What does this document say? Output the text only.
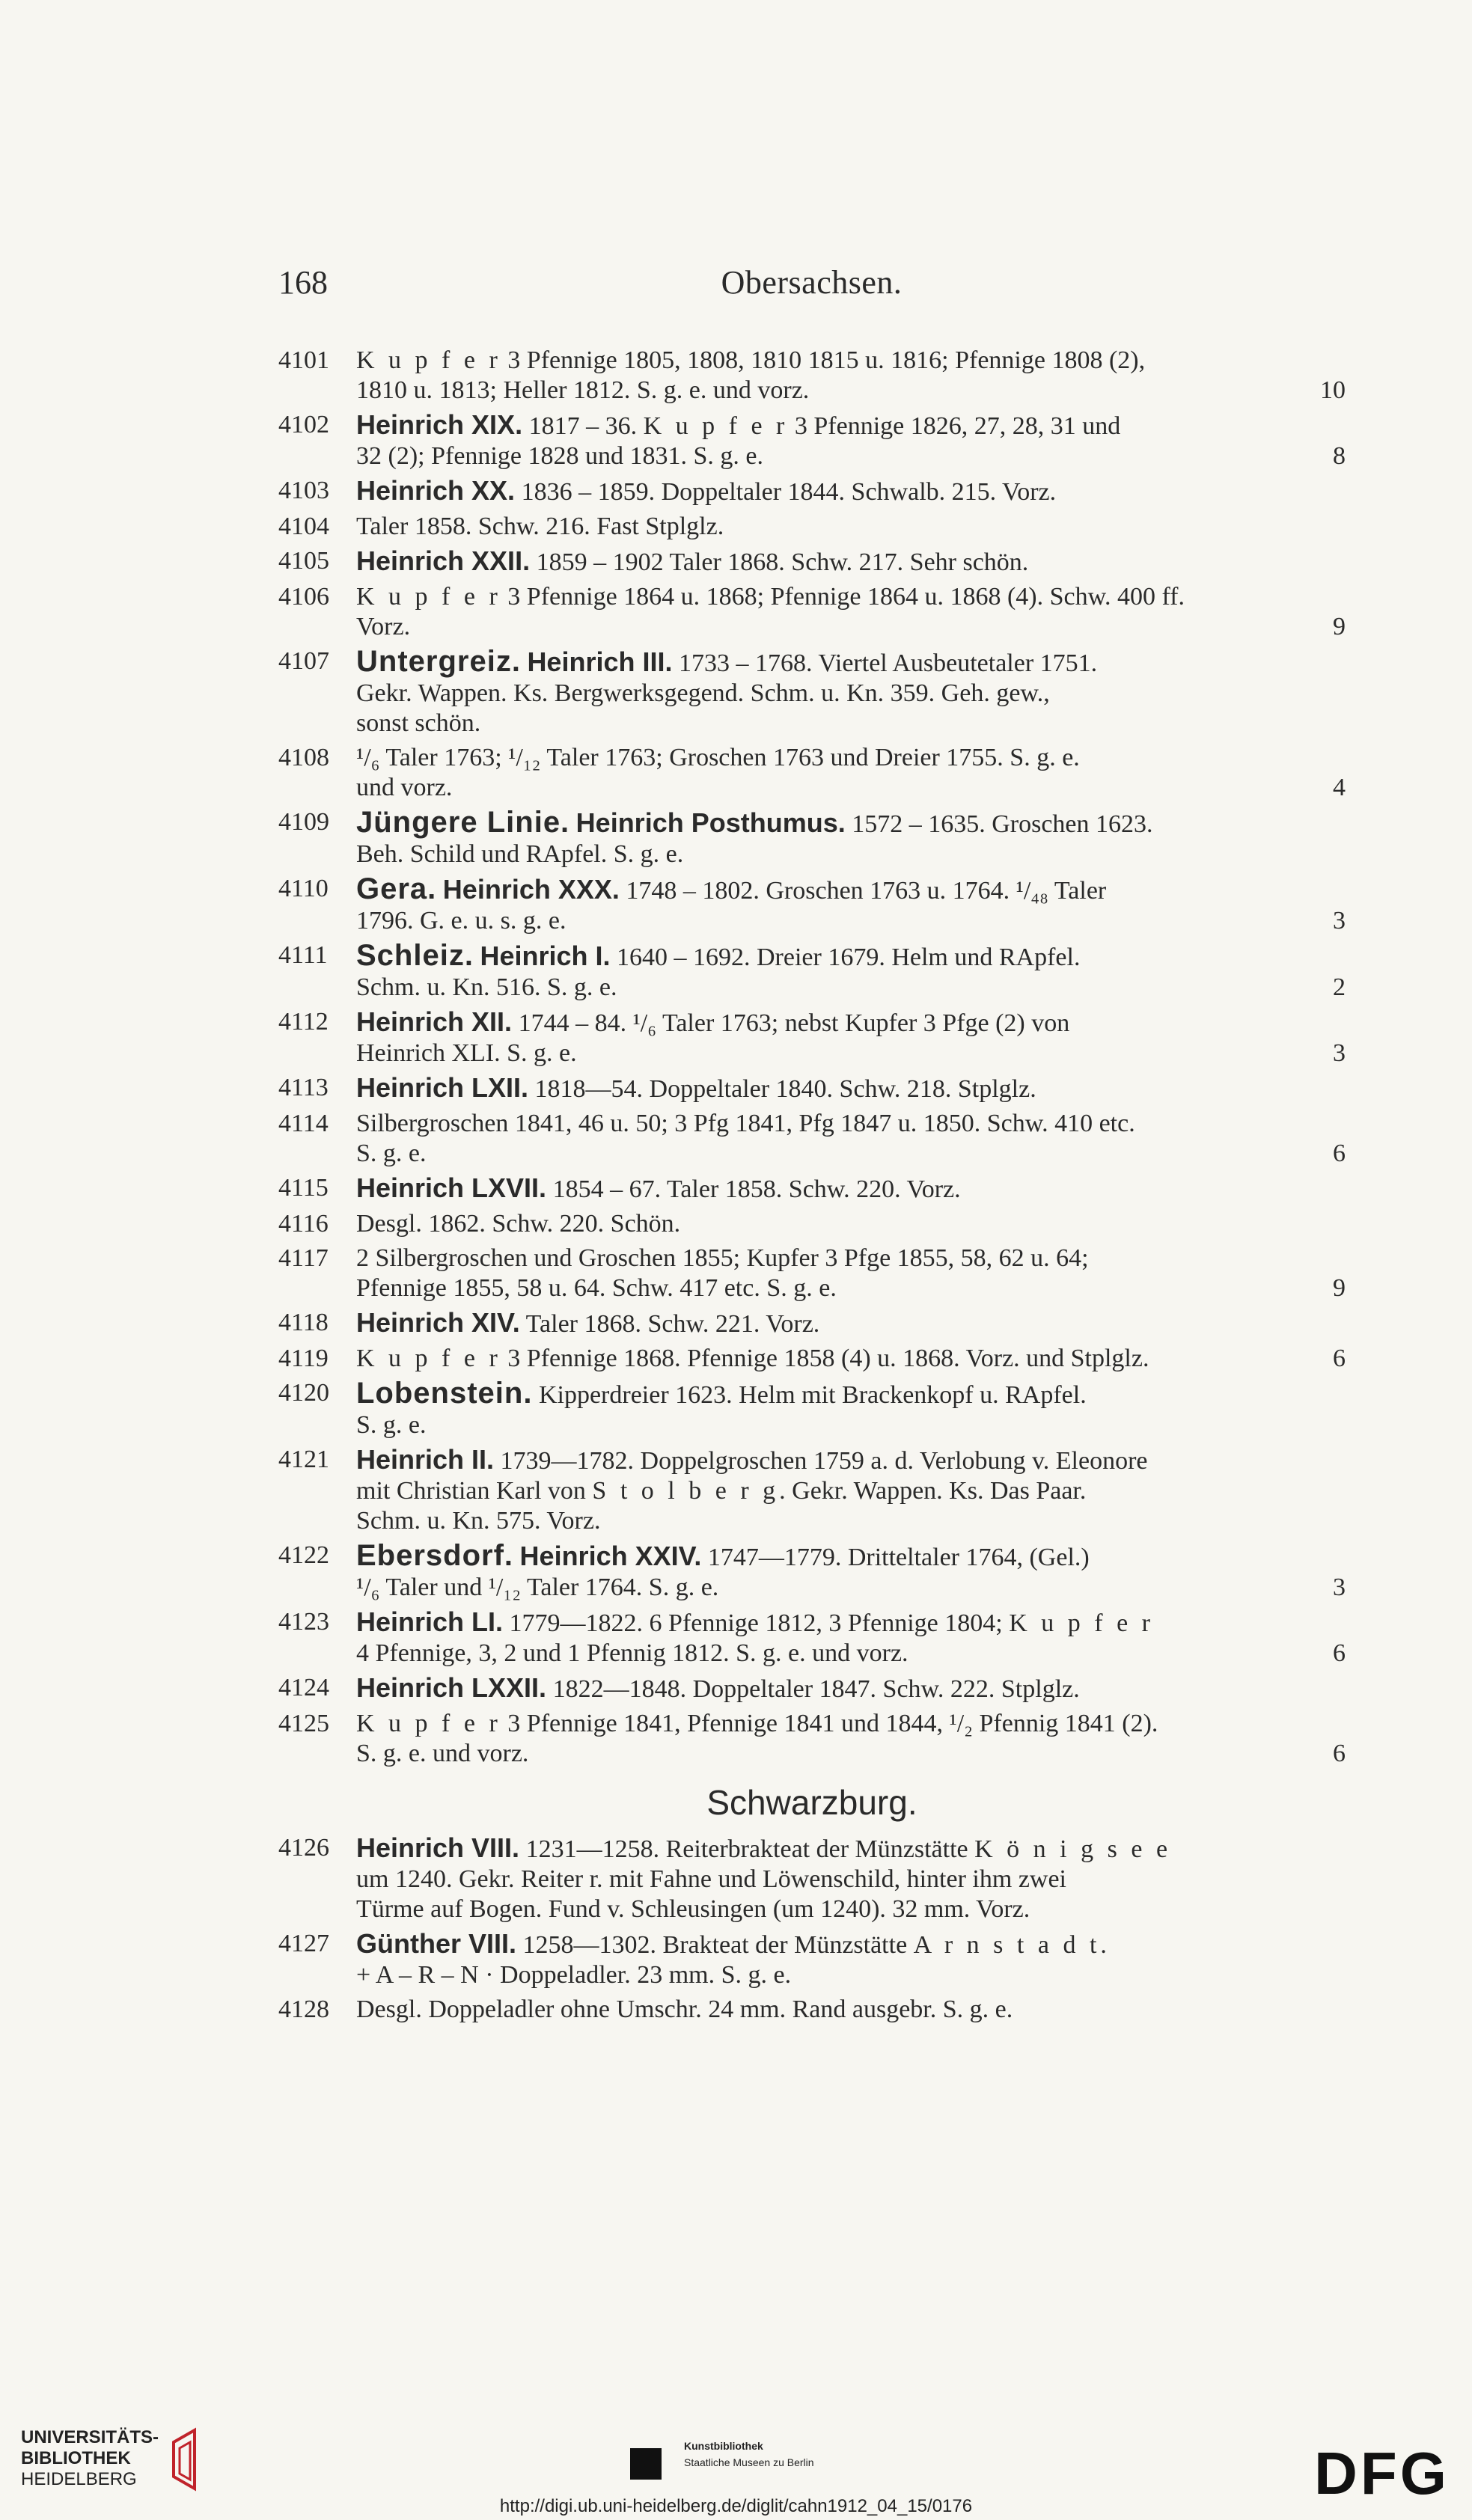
168	Obersachsen.
4101	K u p f e r 3 Pfennige 1805, 1808, 1810 1815 u. 1816; Pfennige 1808 (2),
1810 u. 1813; Heller 1812. S. g. e. und vorz.	10
4102	Heinrich XIX. 1817 – 36. K u p f e r 3 Pfennige 1826, 27, 28, 31 und
32 (2); Pfennige 1828 und 1831. S. g. e.	8
4103	Heinrich XX. 1836 – 1859. Doppeltaler 1844. Schwalb. 215. Vorz.
4104	Taler 1858. Schw. 216. Fast Stplglz.
4105	Heinrich XXII. 1859 – 1902 Taler 1868. Schw. 217. Sehr schön.
4106	K u p f e r 3 Pfennige 1864 u. 1868; Pfennige 1864 u. 1868 (4). Schw. 400 ff.
Vorz.	9
4107 Untergreiz. Heinrich III. 1733 – 1768. Viertel Ausbeutetaler 1751.
Gekr. Wappen. Ks. Bergwerksgegend. Schm. u. Kn. 359. Geh. gew.,
sonst schön.
4108	¹/₆ Taler 1763; ¹/₁₂ Taler 1763; Groschen 1763 und Dreier 1755. S. g. e.
und vorz.	4
4109 Jüngere Linie. Heinrich Posthumus. 1572 – 1635. Groschen 1623.
Beh. Schild und RApfel. S. g. e.
4110 Gera. Heinrich XXX. 1748 – 1802. Groschen 1763 u. 1764. ¹/₄₈ Taler
1796. G. e. u. s. g. e.	3
4111 Schleiz. Heinrich I. 1640 – 1692. Dreier 1679. Helm und RApfel.
Schm. u. Kn. 516. S. g. e.	2
4112	Heinrich XII. 1744 – 84. ¹/₆ Taler 1763; nebst Kupfer 3 Pfge (2) von
Heinrich XLI. S. g. e.	3
4113	Heinrich LXII. 1818—54. Doppeltaler 1840. Schw. 218. Stplglz.
4114	Silbergroschen 1841, 46 u. 50; 3 Pfg 1841, Pfg 1847 u. 1850. Schw. 410 etc.
S. g. e.	6
4115	Heinrich LXVII. 1854 – 67. Taler 1858. Schw. 220. Vorz.
4116	Desgl. 1862. Schw. 220. Schön.
4117	2 Silbergroschen und Groschen 1855; Kupfer 3 Pfge 1855, 58, 62 u. 64;
Pfennige 1855, 58 u. 64. Schw. 417 etc. S. g. e.	9
4118	Heinrich XIV. Taler 1868. Schw. 221. Vorz.
4119	K u p f e r 3 Pfennige 1868. Pfennige 1858 (4) u. 1868. Vorz. und Stplglz.	6
4120 Lobenstein. Kipperdreier 1623. Helm mit Brackenkopf u. RApfel.
S. g. e.
4121	Heinrich II. 1739—1782. Doppelgroschen 1759 a. d. Verlobung v. Eleonore
mit Christian Karl von S t o l b e r g. Gekr. Wappen. Ks. Das Paar.
Schm. u. Kn. 575. Vorz.
4122 Ebersdorf. Heinrich XXIV. 1747—1779. Dritteltaler 1764, (Gel.)
¹/₆ Taler und ¹/₁₂ Taler 1764. S. g. e.	3
4123	Heinrich LI. 1779—1822. 6 Pfennige 1812, 3 Pfennige 1804; K u p f e r
4 Pfennige, 3, 2 und 1 Pfennig 1812. S. g. e. und vorz.	6
4124	Heinrich LXXII. 1822—1848. Doppeltaler 1847. Schw. 222. Stplglz.
4125	K u p f e r 3 Pfennige 1841, Pfennige 1841 und 1844, ¹/₂ Pfennig 1841 (2).
S. g. e. und vorz.	6
Schwarzburg.
4126	Heinrich VIII. 1231—1258. Reiterbrakteat der Münzstätte K ö n i g s e e
um 1240. Gekr. Reiter r. mit Fahne und Löwenschild, hinter ihm zwei
Türme auf Bogen. Fund v. Schleusingen (um 1240). 32 mm. Vorz.
4127	Günther VIII. 1258—1302. Brakteat der Münzstätte A r n s t a d t.
+ A – R – N · Doppeladler. 23 mm. S. g. e.
4128	Desgl. Doppeladler ohne Umschr. 24 mm. Rand ausgebr. S. g. e.
UNIVERSITÄTS-
BIBLIOTHEK
HEIDELBERG
Kunstbibliothek
Staatliche Museen zu Berlin	DFG
http://digi.ub.uni-heidelberg.de/diglit/cahn1912_04_15/0176
